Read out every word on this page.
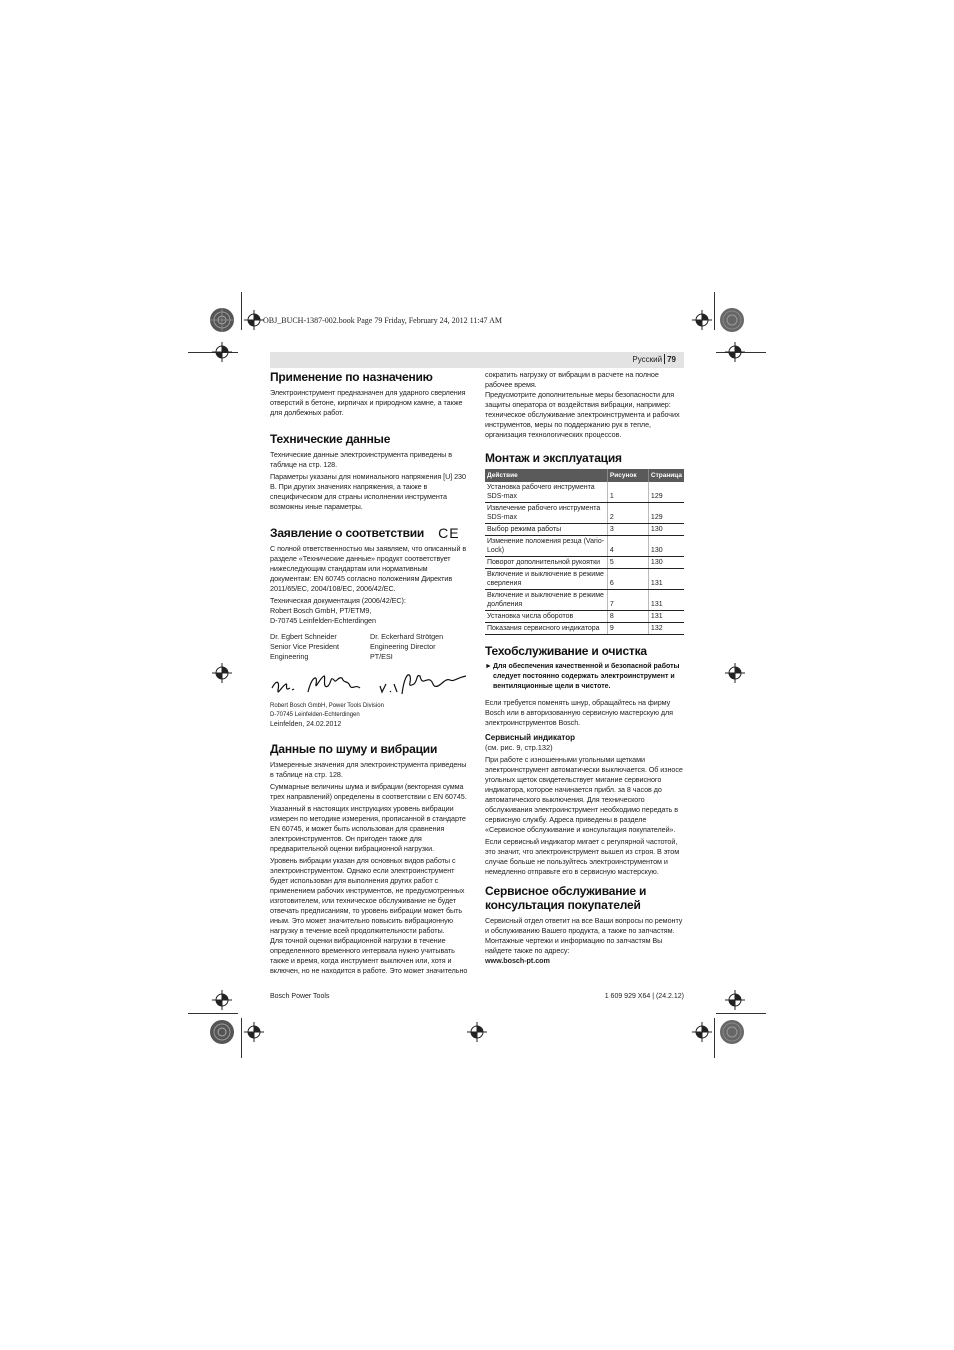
OBJ_BUCH-1387-002.book Page 79 Friday, February 24, 2012 11:47 AM
Русский 79
Применение по назначению

Электроинструмент предназначен для ударного сверления отверстий в бетоне, кирпичах и природном камне, а также для долбежных работ.

Технические данные

Технические данные электроинструмента приведены в таблице на стр. 128.

Параметры указаны для номинального напряжения [U] 230 В. При других значениях напряжения, а также в специфическом для страны исполнении инструмента возможны иные параметры.

Заявление о соответствии CE

С полной ответственностью мы заявляем, что описанный в разделе «Технические данные» продукт соответствует нижеследующим стандартам или нормативным документам: EN 60745 согласно положениям Директив 2011/65/EC, 2004/108/EC, 2006/42/EC.

Техническая документация (2006/42/EC):
Robert Bosch GmbH, PT/ETM9,
D-70745 Leinfelden-Echterdingen

Dr. Egbert Schneider
Senior Vice President
Engineering
Dr. Eckerhard Strötgen
Engineering Director
PT/ESI
Robert Bosch GmbH, Power Tools Division
D-70745 Leinfelden-Echterdingen
Leinfelden, 24.02.2012
Данные по шуму и вибрации

Измеренные значения для электроинструмента приведены в таблице на стр. 128.

Суммарные величины шума и вибрации (векторная сумма трех направлений) определены в соответствии с EN 60745.

Указанный в настоящих инструкциях уровень вибрации измерен по методике измерения, прописанной в стандарте EN 60745, и может быть использован для сравнения электроинструментов. Он пригоден также для предварительной оценки вибрационной нагрузки.

Уровень вибрации указан для основных видов работы с электроинструментом. Однако если электроинструмент будет использован для выполнения других работ с применением рабочих инструментов, не предусмотренных изготовителем, или техническое обслуживание не будет отвечать предписаниям, то уровень вибрации может быть иным. Это может значительно повысить вибрационную нагрузку в течение всей продолжительности работы.

Для точной оценки вибрационной нагрузки в течение определенного временного интервала нужно учитывать также и время, когда инструмент выключен или, хотя и включен, но не находится в работе. Это может значительно

сократить нагрузку от вибрации в расчете на полное рабочее время.

Предусмотрите дополнительные меры безопасности для защиты оператора от воздействия вибрации, например: техническое обслуживание электроинструмента и рабочих инструментов, меры по поддержанию рук в тепле, организация технологических процессов.

Монтаж и эксплуатация
Действие	Рисунок	Страница
Установка рабочего инструмента SDS-max	1	129
Извлечение рабочего инструмента SDS-max	2	129
Выбор режима работы	3	130
Изменение положения резца (Vario-Lock)	4	130
Поворот дополнительной рукоятки	5	130
Включение и выключение в режиме сверления	6	131
Включение и выключение в режиме долбления	7	131
Установка числа оборотов	8	131
Показания сервисного индикатора	9	132
Техобслуживание и очистка
► Для обеспечения качественной и безопасной работы следует постоянно содержать электроинструмент и вентиляционные щели в чистоте.

Если требуется поменять шнур, обращайтесь на фирму Bosch или в авторизованную сервисную мастерскую для электроинструментов Bosch.

Сервисный индикатор

(см. рис. 9, стр.132)

При работе с изношенными угольными щетками электроинструмент автоматически выключается. Об износе угольных щеток свидетельствует мигание сервисного индикатора, которое начинается прибл. за 8 часов до автоматического выключения. Для технического обслуживания электроинструмент необходимо передать в сервисную службу. Адреса приведены в разделе «Сервисное обслуживание и консультация покупателей».

Если сервисный индикатор мигает с регулярной частотой, это значит, что электроинструмент вышел из строя. В этом случае больше не пользуйтесь электроинструментом и немедленно отправьте его в сервисную мастерскую.

Сервисное обслуживание и консультация покупателей

Сервисный отдел ответит на все Ваши вопросы по ремонту и обслуживанию Вашего продукта, а также по запчастям. Монтажные чертежи и информацию по запчастям Вы найдете также по адресу:

www.bosch-pt.com

Bosch Power Tools	1 609 929 X64 | (24.2.12)
